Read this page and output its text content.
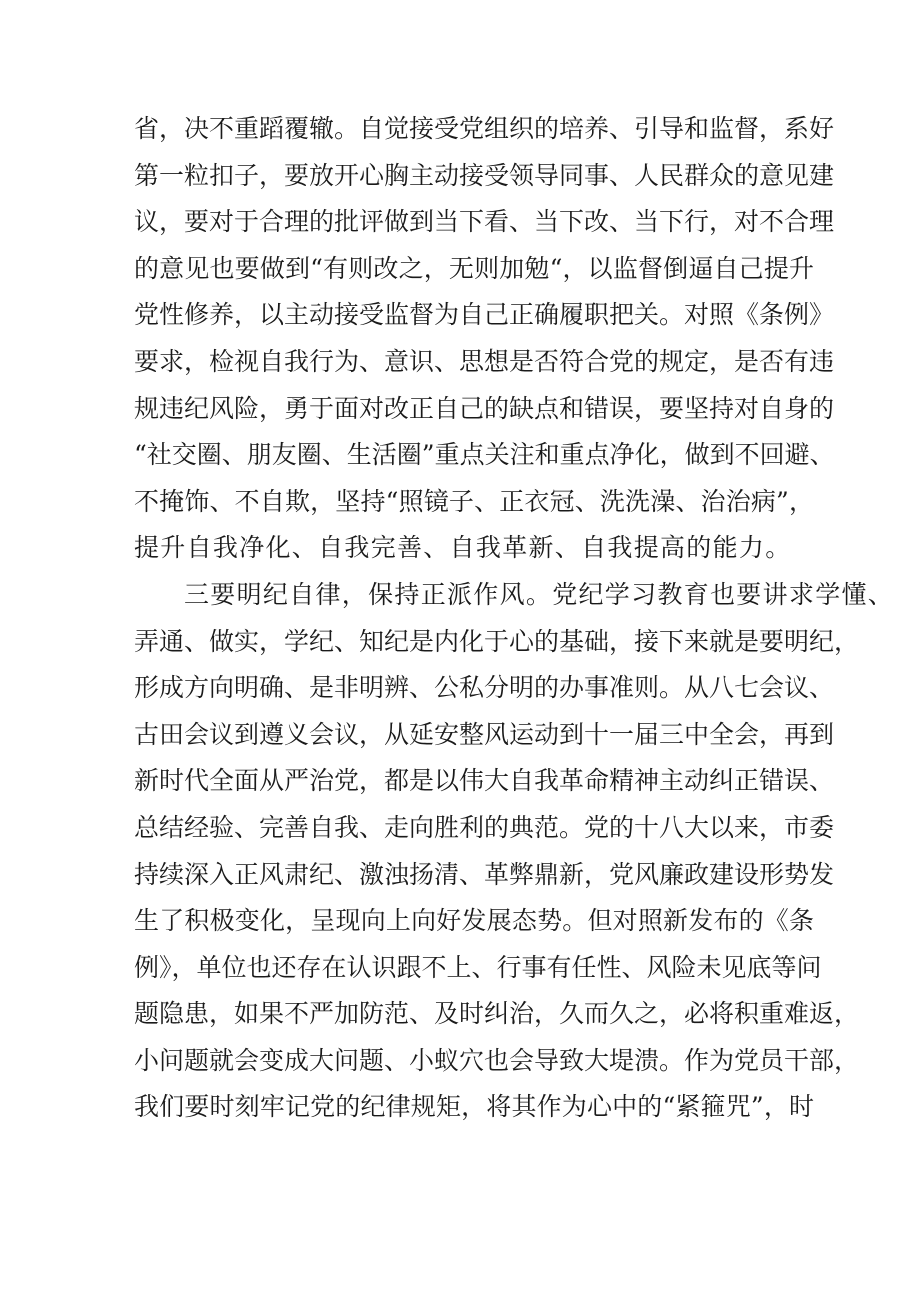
省，决不重蹈覆辙。自觉接受党组织的培养、引导和监督，系好
第一粒扣子，要放开心胸主动接受领导同事、人民群众的意见建
议，要对于合理的批评做到当下看、当下改、当下行，对不合理
的意见也要做到“有则改之，无则加勉“，以监督倒逼自己提升
党性修养，以主动接受监督为自己正确履职把关。对照《条例》
要求，检视自我行为、意识、思想是否符合党的规定，是否有违
规违纪风险，勇于面对改正自己的缺点和错误，要坚持对自身的
“社交圈、朋友圈、生活圈”重点关注和重点净化，做到不回避、
不掩饰、不自欺，坚持“照镜子、正衣冠、洗洗澡、治治病”，
提升自我净化、自我完善、自我革新、自我提高的能力。
三要明纪自律，保持正派作风。党纪学习教育也要讲求学懂、
弄通、做实，学纪、知纪是内化于心的基础，接下来就是要明纪，
形成方向明确、是非明辨、公私分明的办事准则。从八七会议、
古田会议到遵义会议，从延安整风运动到十一届三中全会，再到
新时代全面从严治党，都是以伟大自我革命精神主动纠正错误、
总结经验、完善自我、走向胜利的典范。党的十八大以来，市委
持续深入正风肃纪、激浊扬清、革弊鼎新，党风廉政建设形势发
生了积极变化，呈现向上向好发展态势。但对照新发布的《条
例》，单位也还存在认识跟不上、行事有任性、风险未见底等问
题隐患，如果不严加防范、及时纠治，久而久之，必将积重难返，
小问题就会变成大问题、小蚁穴也会导致大堤溃。作为党员干部，
我们要时刻牢记党的纪律规矩，将其作为心中的“紧箍咒”，时
